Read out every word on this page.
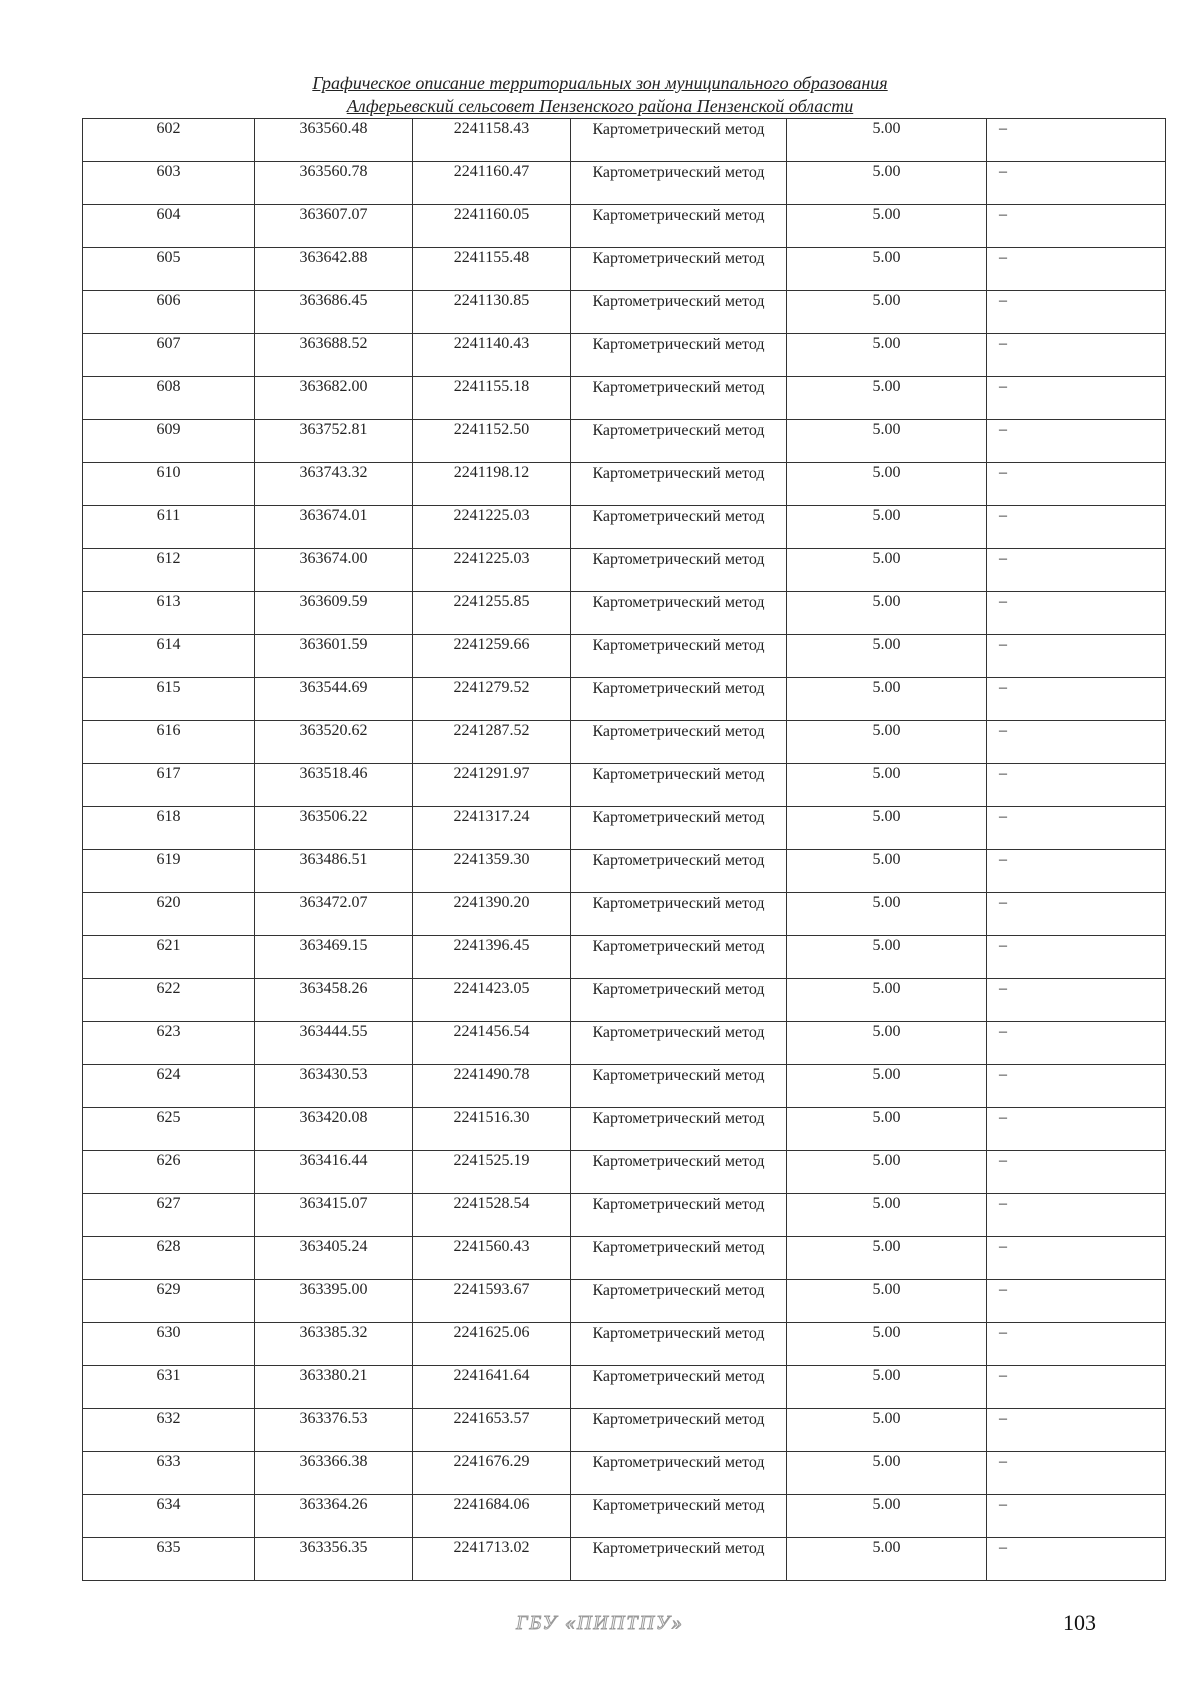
Графическое описание территориальных зон муниципального образования
Алферьевский сельсовет Пензенского района Пензенской области
602	363560.48	2241158.43	Картометрический метод	5.00	–
603	363560.78	2241160.47	Картометрический метод	5.00	–
604	363607.07	2241160.05	Картометрический метод	5.00	–
605	363642.88	2241155.48	Картометрический метод	5.00	–
606	363686.45	2241130.85	Картометрический метод	5.00	–
607	363688.52	2241140.43	Картометрический метод	5.00	–
608	363682.00	2241155.18	Картометрический метод	5.00	–
609	363752.81	2241152.50	Картометрический метод	5.00	–
610	363743.32	2241198.12	Картометрический метод	5.00	–
611	363674.01	2241225.03	Картометрический метод	5.00	–
612	363674.00	2241225.03	Картометрический метод	5.00	–
613	363609.59	2241255.85	Картометрический метод	5.00	–
614	363601.59	2241259.66	Картометрический метод	5.00	–
615	363544.69	2241279.52	Картометрический метод	5.00	–
616	363520.62	2241287.52	Картометрический метод	5.00	–
617	363518.46	2241291.97	Картометрический метод	5.00	–
618	363506.22	2241317.24	Картометрический метод	5.00	–
619	363486.51	2241359.30	Картометрический метод	5.00	–
620	363472.07	2241390.20	Картометрический метод	5.00	–
621	363469.15	2241396.45	Картометрический метод	5.00	–
622	363458.26	2241423.05	Картометрический метод	5.00	–
623	363444.55	2241456.54	Картометрический метод	5.00	–
624	363430.53	2241490.78	Картометрический метод	5.00	–
625	363420.08	2241516.30	Картометрический метод	5.00	–
626	363416.44	2241525.19	Картометрический метод	5.00	–
627	363415.07	2241528.54	Картометрический метод	5.00	–
628	363405.24	2241560.43	Картометрический метод	5.00	–
629	363395.00	2241593.67	Картометрический метод	5.00	–
630	363385.32	2241625.06	Картометрический метод	5.00	–
631	363380.21	2241641.64	Картометрический метод	5.00	–
632	363376.53	2241653.57	Картометрический метод	5.00	–
633	363366.38	2241676.29	Картометрический метод	5.00	–
634	363364.26	2241684.06	Картометрический метод	5.00	–
635	363356.35	2241713.02	Картометрический метод	5.00	–
ГБУ «ПИПТПУ»	103
